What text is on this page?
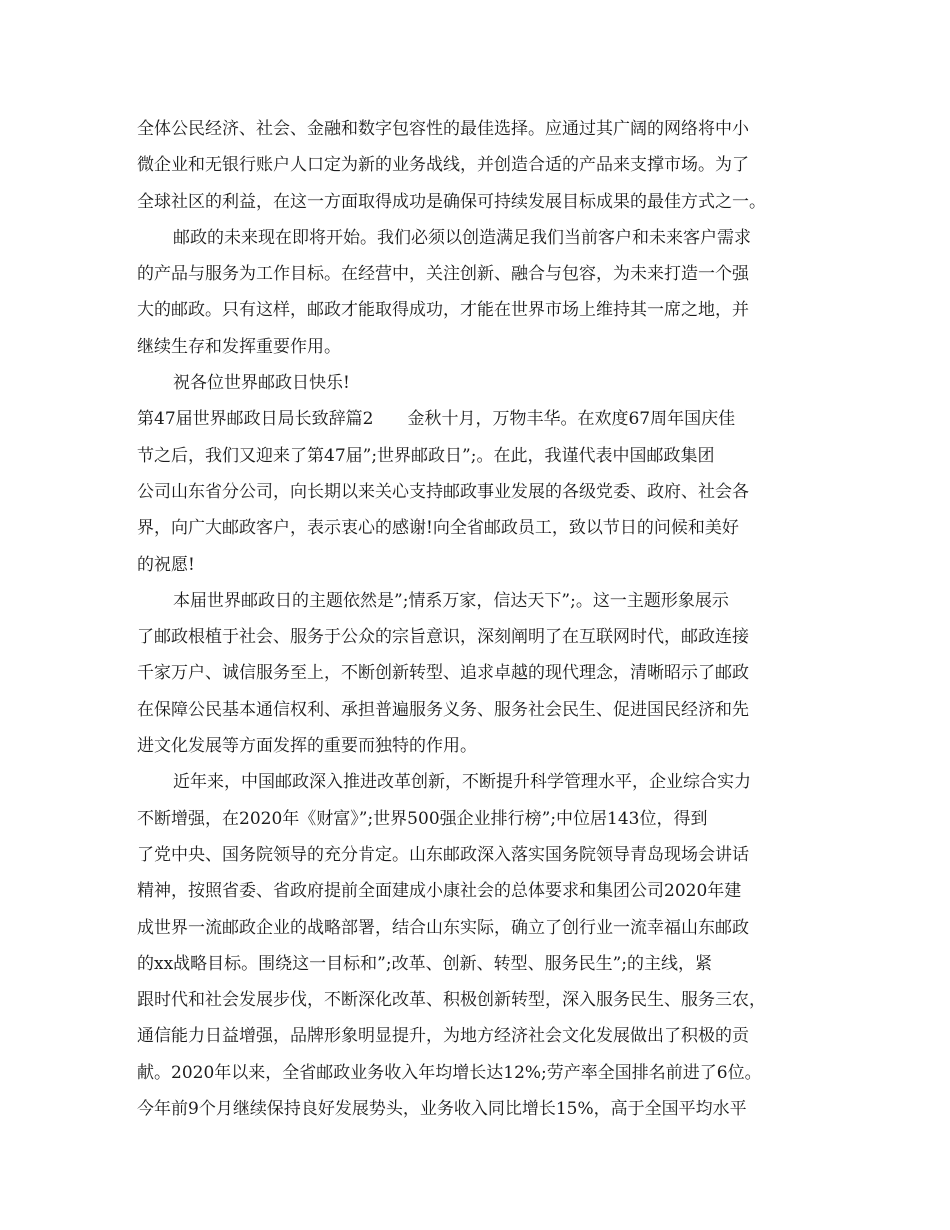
全体公民经济、社会、金融和数字包容性的最佳选择。应通过其广阔的网络将中小
微企业和无银行账户人口定为新的业务战线，并创造合适的产品来支撑市场。为了
全球社区的利益，在这一方面取得成功是确保可持续发展目标成果的最佳方式之一。
邮政的未来现在即将开始。我们必须以创造满足我们当前客户和未来客户需求
的产品与服务为工作目标。在经营中，关注创新、融合与包容，为未来打造一个强
大的邮政。只有这样，邮政才能取得成功，才能在世界市场上维持其一席之地，并
继续生存和发挥重要作用。
祝各位世界邮政日快乐!
第47届世界邮政日局长致辞篇2 金秋十月，万物丰华。在欢度67周年国庆佳
节之后，我们又迎来了第47届”;世界邮政日”;。在此，我谨代表中国邮政集团
公司山东省分公司，向长期以来关心支持邮政事业发展的各级党委、政府、社会各
界，向广大邮政客户，表示衷心的感谢!向全省邮政员工，致以节日的问候和美好
的祝愿!
本届世界邮政日的主题依然是”;情系万家，信达天下”;。这一主题形象展示
了邮政根植于社会、服务于公众的宗旨意识，深刻阐明了在互联网时代，邮政连接
千家万户、诚信服务至上，不断创新转型、追求卓越的现代理念，清晰昭示了邮政
在保障公民基本通信权利、承担普遍服务义务、服务社会民生、促进国民经济和先
进文化发展等方面发挥的重要而独特的作用。
近年来，中国邮政深入推进改革创新，不断提升科学管理水平，企业综合实力
不断增强，在2020年《财富》”;世界500强企业排行榜”;中位居143位，得到
了党中央、国务院领导的充分肯定。山东邮政深入落实国务院领导青岛现场会讲话
精神，按照省委、省政府提前全面建成小康社会的总体要求和集团公司2020年建
成世界一流邮政企业的战略部署，结合山东实际，确立了创行业一流幸福山东邮政
的xx战略目标。围绕这一目标和”;改革、创新、转型、服务民生”;的主线，紧
跟时代和社会发展步伐，不断深化改革、积极创新转型，深入服务民生、服务三农，
通信能力日益增强，品牌形象明显提升，为地方经济社会文化发展做出了积极的贡
献。2020年以来，全省邮政业务收入年均增长达12%;劳产率全国排名前进了6位。
今年前9个月继续保持良好发展势头，业务收入同比增长15%，高于全国平均水平
